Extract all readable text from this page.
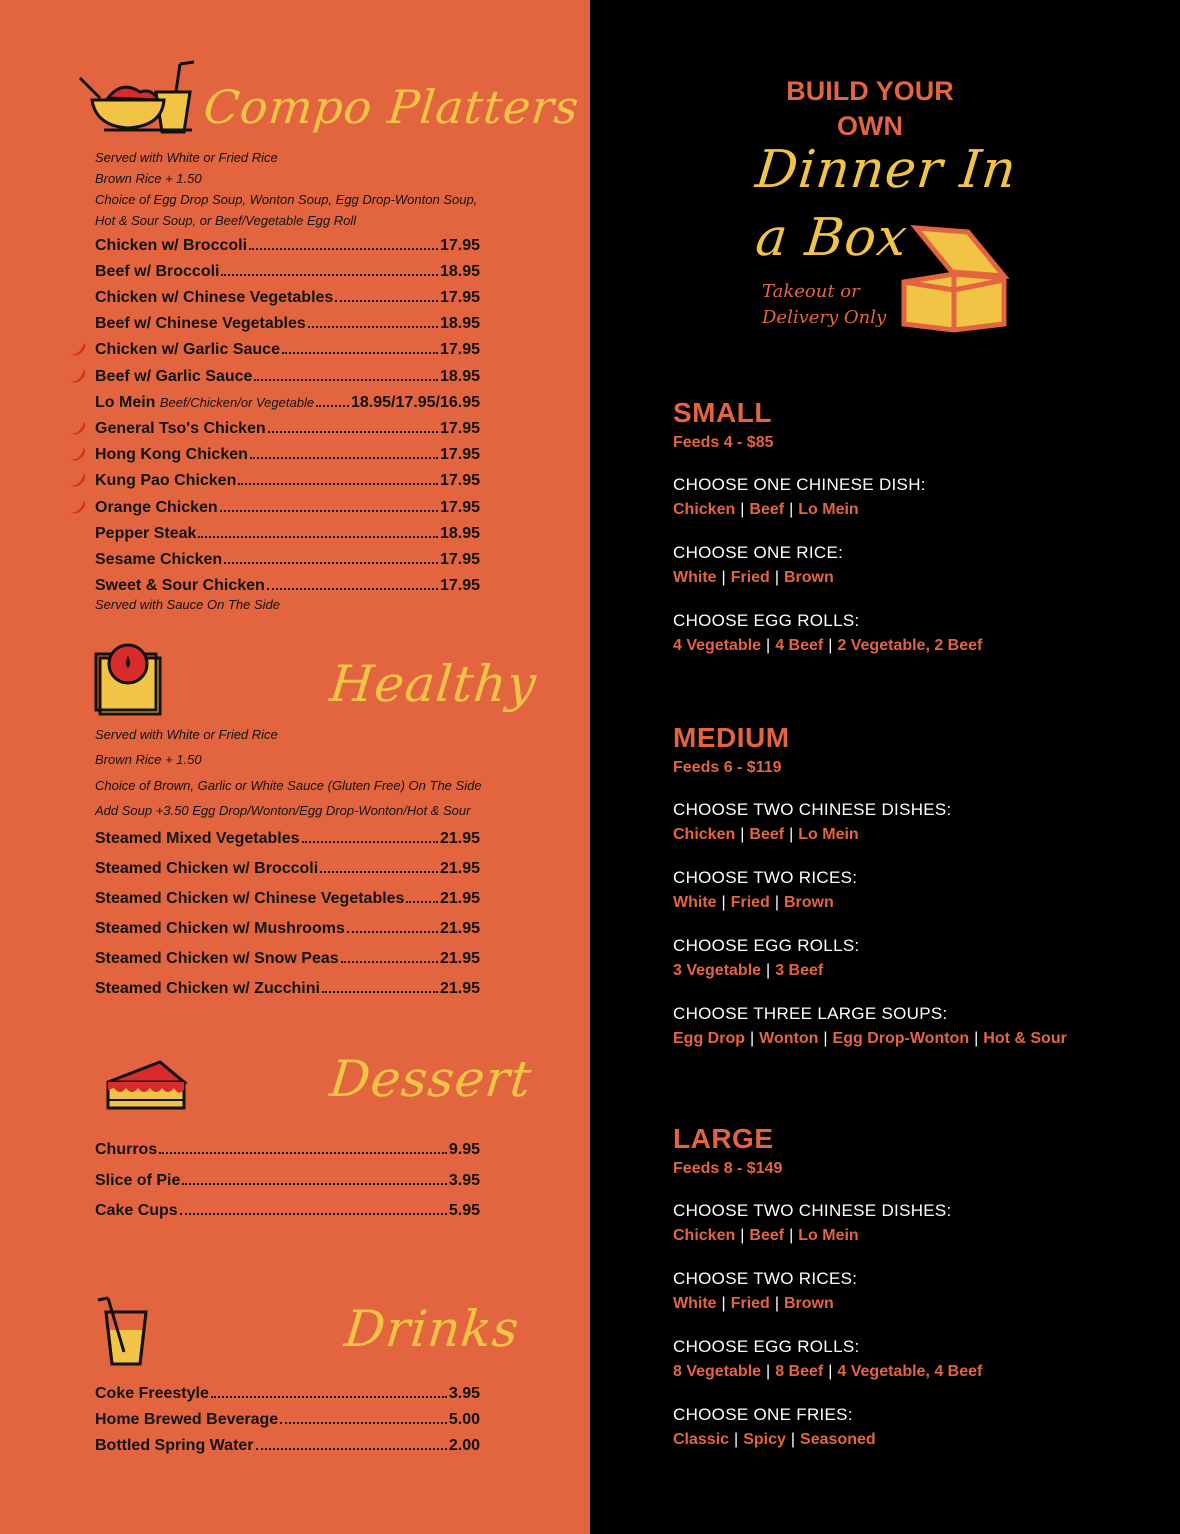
Compo Platters
Served with White or Fried Rice
Brown Rice + 1.50
Choice of Egg Drop Soup, Wonton Soup, Egg Drop-Wonton Soup,
Hot & Sour Soup, or Beef/Vegetable Egg Roll
Chicken w/ Broccoli	17.95
Beef w/ Broccoli	18.95
Chicken w/ Chinese Vegetables	17.95
Beef w/ Chinese Vegetables	18.95
Chicken w/ Garlic Sauce	17.95
Beef w/ Garlic Sauce	18.95
Lo Mein Beef/Chicken/or Vegetable 18.95/17.95/16.95
General Tso's Chicken	17.95
Hong Kong Chicken	17.95
Kung Pao Chicken	17.95
Orange Chicken	17.95
Pepper Steak	18.95
Sesame Chicken	17.95
Sweet & Sour Chicken	17.95
Served with Sauce On The Side
Healthy
Served with White or Fried Rice
Brown Rice + 1.50
Choice of Brown, Garlic or White Sauce (Gluten Free) On The Side
Add Soup +3.50 Egg Drop/Wonton/Egg Drop-Wonton/Hot & Sour
Steamed Mixed Vegetables	21.95
Steamed Chicken w/ Broccoli	21.95
Steamed Chicken w/ Chinese Vegetables 21.95
Steamed Chicken w/ Mushrooms	21.95
Steamed Chicken w/ Snow Peas	21.95
Steamed Chicken w/ Zucchini	21.95
Dessert
Churros	9.95
Slice of Pie	3.95
Cake Cups	5.95
Drinks
Coke Freestyle	3.95
Home Brewed Beverage	5.00
Bottled Spring Water	2.00
BUILD YOUR
OWN
Dinner In
a Box
Takeout or
Delivery Only
SMALL
Feeds 4 - $85
CHOOSE ONE CHINESE DISH:
Chicken | Beef | Lo Mein
CHOOSE ONE RICE:
White | Fried | Brown
CHOOSE EGG ROLLS:
4 Vegetable | 4 Beef | 2 Vegetable, 2 Beef
MEDIUM
Feeds 6 - $119
CHOOSE TWO CHINESE DISHES:
Chicken | Beef | Lo Mein
CHOOSE TWO RICES:
White | Fried | Brown
CHOOSE EGG ROLLS:
3 Vegetable | 3 Beef
CHOOSE THREE LARGE SOUPS:
Egg Drop | Wonton | Egg Drop-Wonton | Hot & Sour
LARGE
Feeds 8 - $149
CHOOSE TWO CHINESE DISHES:
Chicken | Beef | Lo Mein
CHOOSE TWO RICES:
White | Fried | Brown
CHOOSE EGG ROLLS:
8 Vegetable | 8 Beef | 4 Vegetable, 4 Beef
CHOOSE ONE FRIES:
Classic | Spicy | Seasoned
